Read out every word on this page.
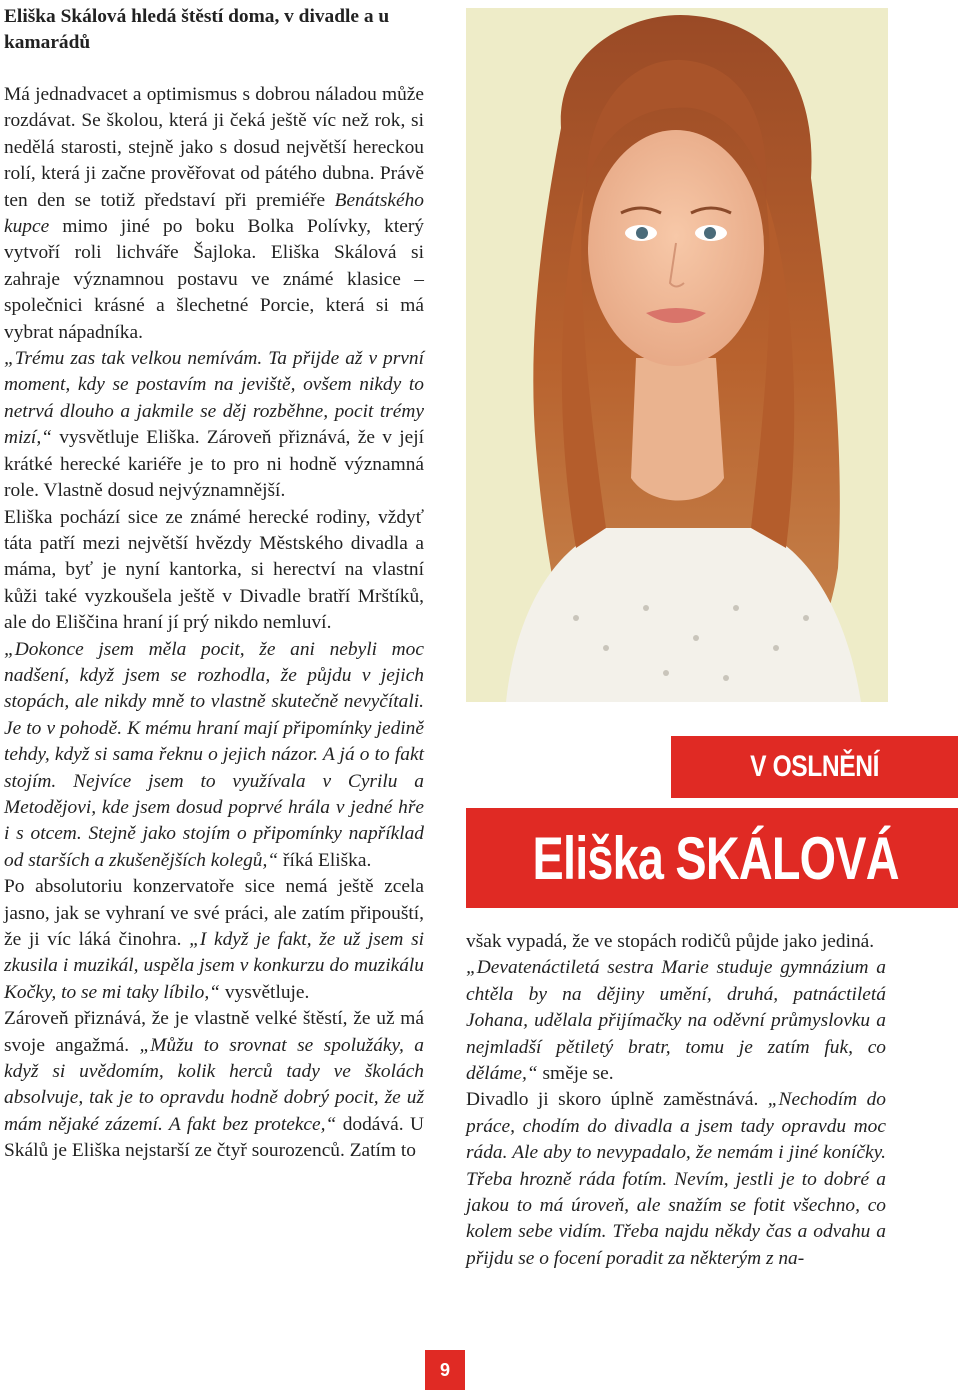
Eliška Skálová hledá štěstí doma, v divadle a u kamarádů

Má jednadvacet a optimismus s dobrou náladou může rozdávat. Se školou, která ji čeká ještě víc než rok, si nedělá starosti, stejně jako s dosud největší hereckou rolí, která ji začne prověřovat od pátého dubna. Právě ten den se totiž představí při premiéře Benátského kupce mimo jiné po boku Bolka Polívky, který vytvoří roli lichváře Šajloka. Eliška Skálová si zahraje významnou postavu ve známé klasice – společnici krásné a šlechetné Porcie, která si má vybrat nápadníka.

„Trému zas tak velkou nemívám. Ta přijde až v první moment, kdy se postavím na jeviště, ovšem nikdy to netrvá dlouho a jakmile se děj rozběhne, pocit trémy mizí,“ vysvětluje Eliška. Zároveň přiznává, že v její krátké herecké kariéře je to pro ni hodně významná role. Vlastně dosud nejvýznamnější.

Eliška pochází sice ze známé herecké rodiny, vždyť táta patří mezi největší hvězdy Městského divadla a máma, byť je nyní kantorka, si herectví na vlastní kůži také vyzkoušela ještě v Divadle bratří Mrštíků, ale do Eliščina hraní jí prý nikdo nemluví.

„Dokonce jsem měla pocit, že ani nebyli moc nadšení, když jsem se rozhodla, že půjdu v jejich stopách, ale nikdy mně to vlastně skutečně nevyčítali. Je to v pohodě. K mému hraní mají připomínky jedině tehdy, když si sama řeknu o jejich názor. A já o to fakt stojím. Nejvíce jsem to využívala v Cyrilu a Metodějovi, kde jsem dosud poprvé hrála v jedné hře i s otcem. Stejně jako stojím o připomínky například od starších a zkušenějších kolegů,“ říká Eliška.

Po absolutoriu konzervatoře sice nemá ještě zcela jasno, jak se vyhraní ve své práci, ale zatím připouští, že ji víc láká činohra. „I když je fakt, že už jsem si zkusila i muzikál, uspěla jsem v konkurzu do muzikálu Kočky, to se mi taky líbilo,“ vysvětluje.

Zároveň přiznává, že je vlastně velké štěstí, že už má svoje angažmá. „Můžu to srovnat se spolužáky, a když si uvědomím, kolik herců tady ve školách absolvuje, tak je to opravdu hodně dobrý pocit, že už mám nějaké zázemí. A fakt bez protekce,“ dodává. U Skálů je Eliška nejstarší ze čtyř sourozenců. Zatím to

V OSLNĚNÍ
Eliška SKÁLOVÁ

však vypadá, že ve stopách rodičů půjde jako jediná.

„Devatenáctiletá sestra Marie studuje gymnázium a chtěla by na dějiny umění, druhá, patnáctiletá Johana, udělala přijímačky na oděvní průmyslovku a nejmladší pětiletý bratr, tomu je zatím fuk, co děláme,“ směje se.

Divadlo ji skoro úplně zaměstnává. „Nechodím do práce, chodím do divadla a jsem tady opravdu moc ráda. Ale aby to nevypadalo, že nemám i jiné koníčky. Třeba hrozně ráda fotím. Nevím, jestli je to dobré a jakou to má úroveň, ale snažím se fotit všechno, co kolem sebe vidím. Třeba najdu někdy čas a odvahu a přijdu se o focení poradit za některým z na-

9
